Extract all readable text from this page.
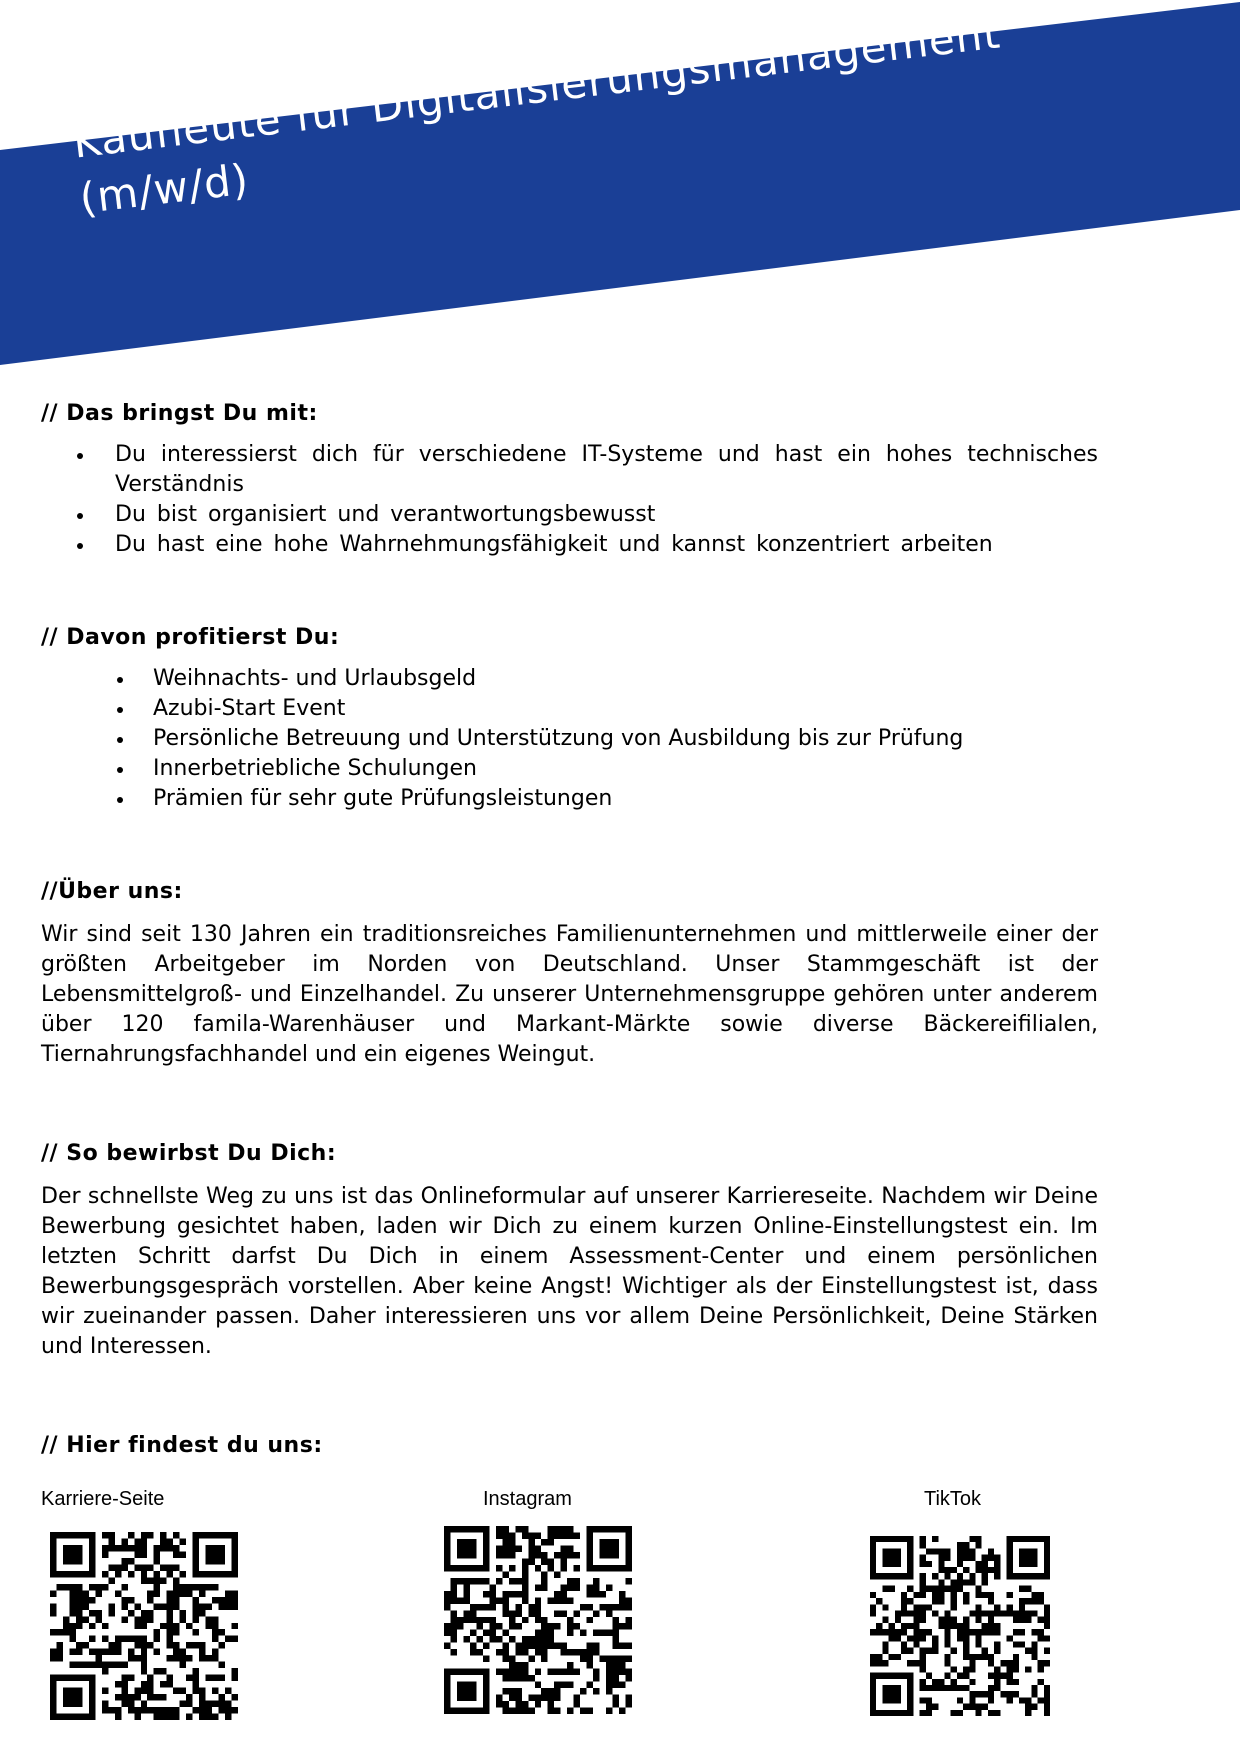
Kaufleute für Digitalisierungsmanagement
(m/w/d)
// Das bringst Du mit:

Du interessierst dich für verschiedene IT-Systeme und hast ein hohes technisches Verständnis

Du bist organisiert und verantwortungsbewusst

Du hast eine hohe Wahrnehmungsfähigkeit und kannst konzentriert arbeiten

// Davon profitierst Du:
Weihnachts- und Urlaubsgeld
Azubi-Start Event
Persönliche Betreuung und Unterstützung von Ausbildung bis zur Prüfung
Innerbetriebliche Schulungen
Prämien für sehr gute Prüfungsleistungen
//Über uns:

Wir sind seit 130 Jahren ein traditionsreiches Familienunternehmen und mittlerweile einer der größten Arbeitgeber im Norden von Deutschland. Unser Stammgeschäft ist der Lebensmittelgroß- und Einzelhandel. Zu unserer Unternehmensgruppe gehören unter anderem über 120 famila-Warenhäuser und Markant-Märkte sowie diverse Bäckereifilialen, Tiernahrungsfachhandel und ein eigenes Weingut.

// So bewirbst Du Dich:

Der schnellste Weg zu uns ist das Onlineformular auf unserer Karriereseite. Nachdem wir Deine Bewerbung gesichtet haben, laden wir Dich zu einem kurzen Online-Einstellungstest ein. Im letzten Schritt darfst Du Dich in einem Assessment-Center und einem persönlichen Bewerbungsgespräch vorstellen. Aber keine Angst! Wichtiger als der Einstellungstest ist, dass wir zueinander passen. Daher interessieren uns vor allem Deine Persönlichkeit, Deine Stärken und Interessen.

// Hier findest du uns:
Karriere-Seite	Instagram	TikTok
